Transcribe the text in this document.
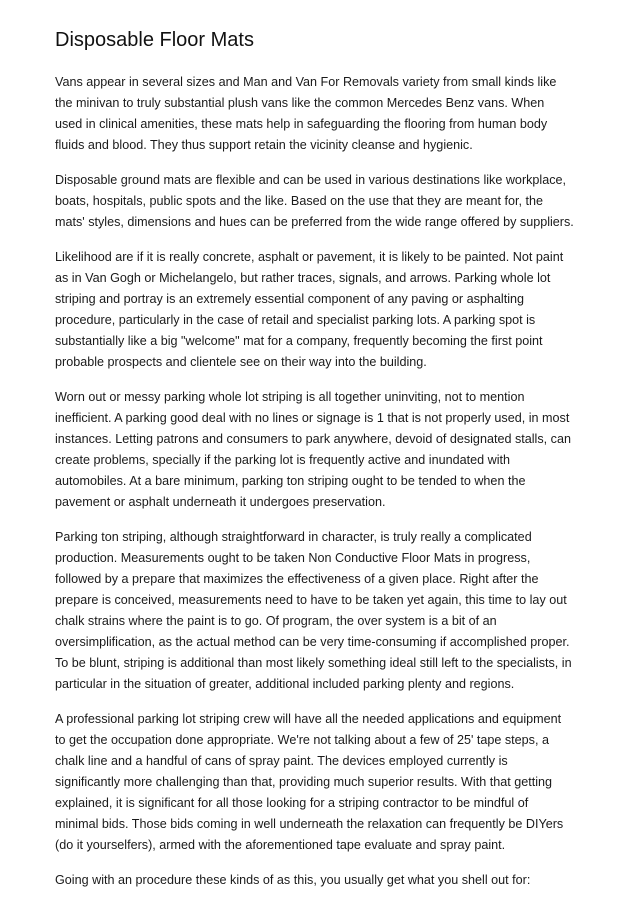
Disposable Floor Mats

Vans appear in several sizes and Man and Van For Removals variety from small kinds like
the minivan to truly substantial plush vans like the common Mercedes Benz vans. When
used in clinical amenities, these mats help in safeguarding the flooring from human body
fluids and blood. They thus support retain the vicinity cleanse and hygienic.

Disposable ground mats are flexible and can be used in various destinations like workplace,
boats, hospitals, public spots and the like. Based on the use that they are meant for, the
mats' styles, dimensions and hues can be preferred from the wide range offered by suppliers.

Likelihood are if it is really concrete, asphalt or pavement, it is likely to be painted. Not paint
as in Van Gogh or Michelangelo, but rather traces, signals, and arrows. Parking whole lot
striping and portray is an extremely essential component of any paving or asphalting
procedure, particularly in the case of retail and specialist parking lots. A parking spot is
substantially like a big "welcome" mat for a company, frequently becoming the first point
probable prospects and clientele see on their way into the building.

Worn out or messy parking whole lot striping is all together uninviting, not to mention
inefficient. A parking good deal with no lines or signage is 1 that is not properly used, in most
instances. Letting patrons and consumers to park anywhere, devoid of designated stalls, can
create problems, specially if the parking lot is frequently active and inundated with
automobiles. At a bare minimum, parking ton striping ought to be tended to when the
pavement or asphalt underneath it undergoes preservation.

Parking ton striping, although straightforward in character, is truly really a complicated
production. Measurements ought to be taken Non Conductive Floor Mats in progress,
followed by a prepare that maximizes the effectiveness of a given place. Right after the
prepare is conceived, measurements need to have to be taken yet again, this time to lay out
chalk strains where the paint is to go. Of program, the over system is a bit of an
oversimplification, as the actual method can be very time-consuming if accomplished proper.
To be blunt, striping is additional than most likely something ideal still left to the specialists, in
particular in the situation of greater, additional included parking plenty and regions.

A professional parking lot striping crew will have all the needed applications and equipment
to get the occupation done appropriate. We're not talking about a few of 25' tape steps, a
chalk line and a handful of cans of spray paint. The devices employed currently is
significantly more challenging than that, providing much superior results. With that getting
explained, it is significant for all those looking for a striping contractor to be mindful of
minimal bids. Those bids coming in well underneath the relaxation can frequently be DIYers
(do it yourselfers), armed with the aforementioned tape evaluate and spray paint.

Going with an procedure these kinds of as this, you usually get what you shell out for:
